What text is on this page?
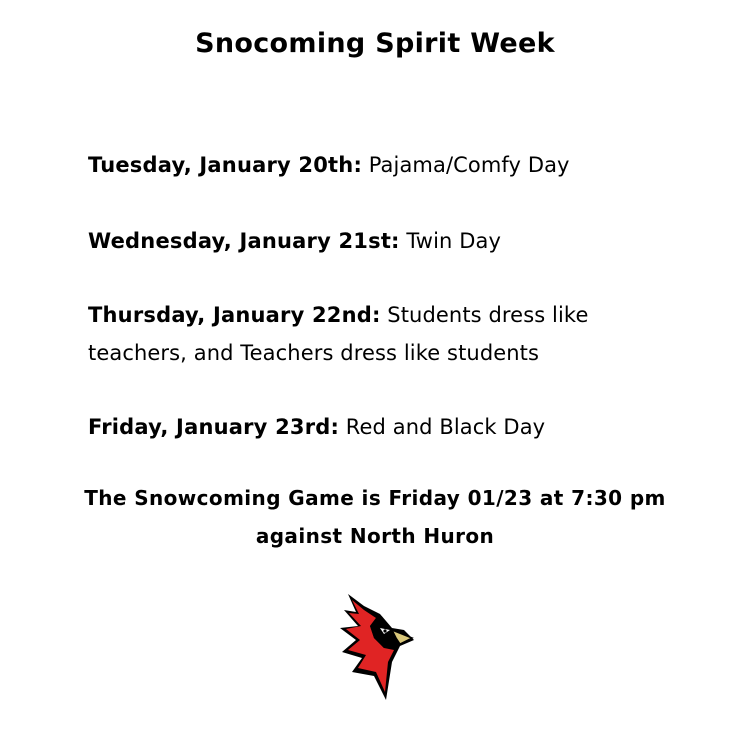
Snocoming Spirit Week

Tuesday, January 20th: Pajama/Comfy Day

Wednesday, January 21st: Twin Day

Thursday, January 22nd: Students dress like teachers, and Teachers dress like students

Friday, January 23rd: Red and Black Day

The Snowcoming Game is Friday 01/23 at 7:30 pm
against North Huron
